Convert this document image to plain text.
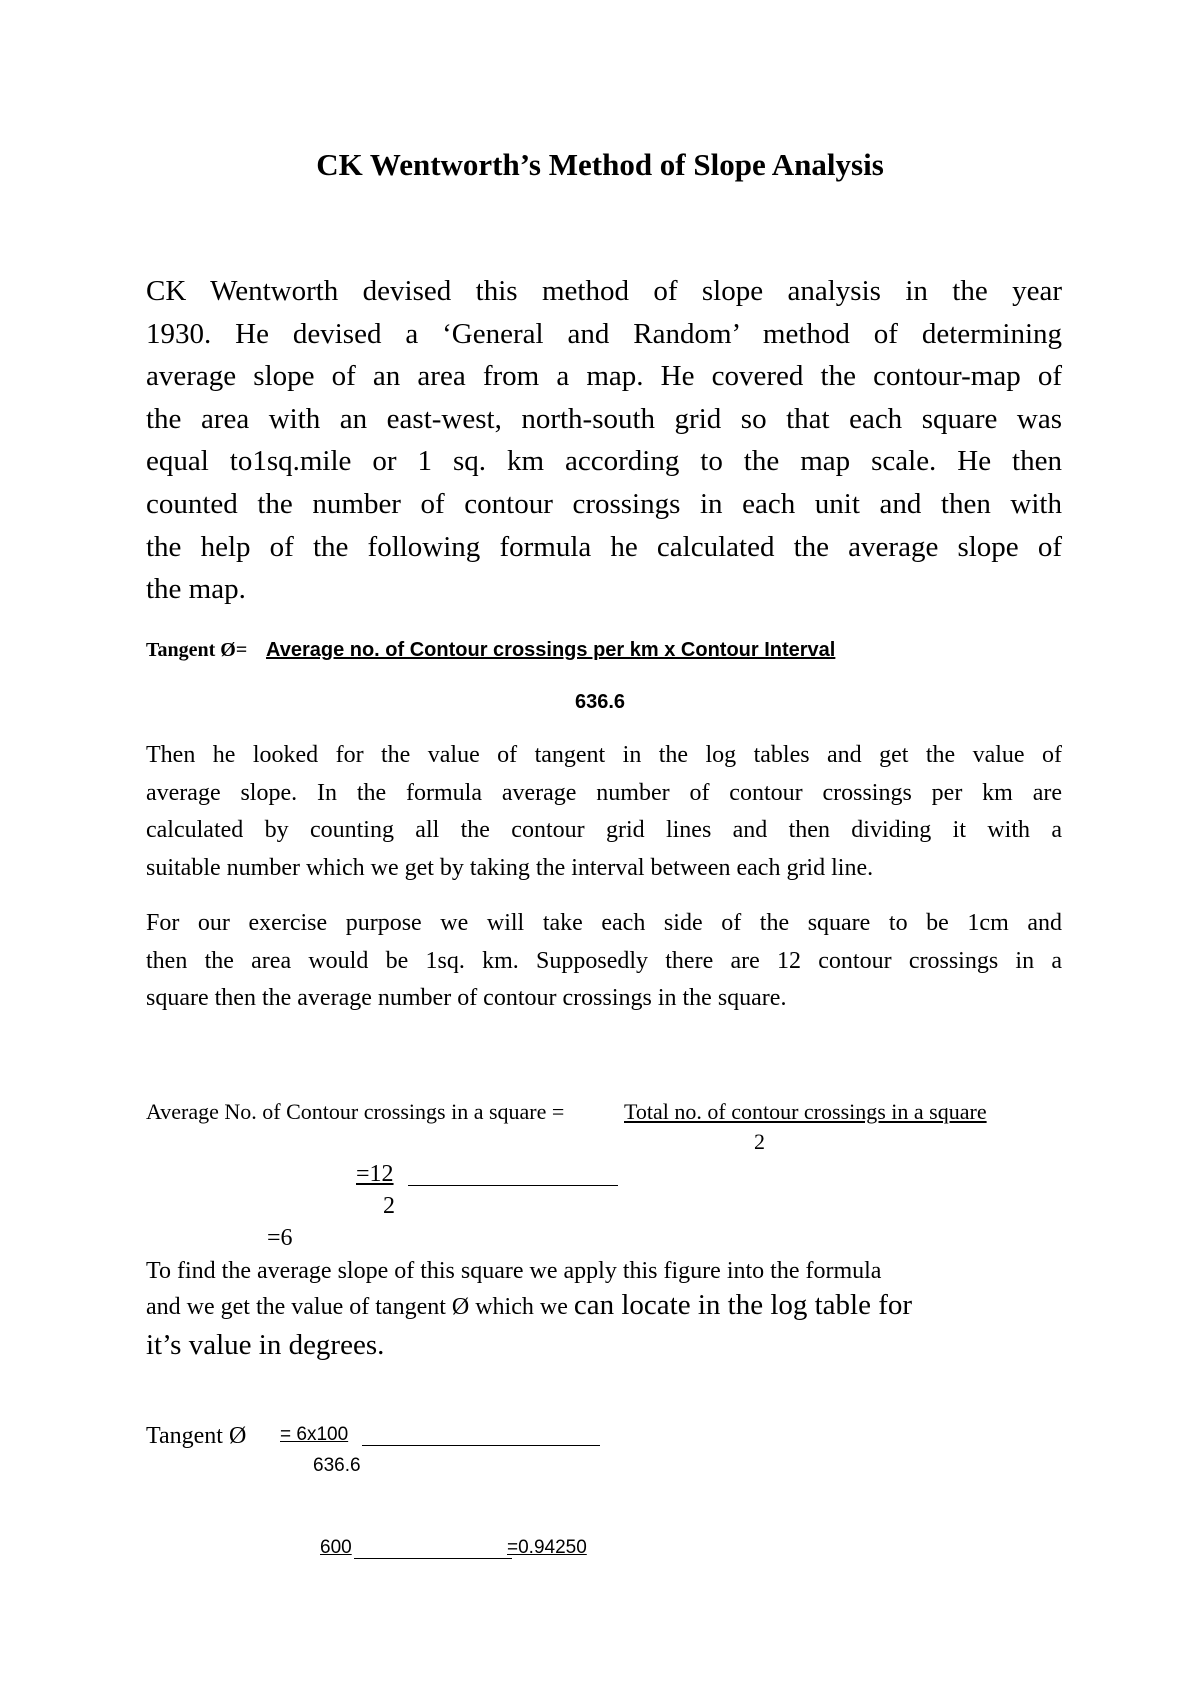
CK Wentworth’s Method of Slope Analysis

CK Wentworth devised this method of slope analysis in the year
1930. He devised a ‘General and Random’ method of determining
average slope of an area from a map. He covered the contour-map of
the area with an east-west, north-south grid so that each square was
equal to1sq.mile or 1 sq. km according to the map scale. He then
counted the number of contour crossings in each unit and then with
the help of the following formula he calculated the average slope of
the map.

Tangent Ø= Average no. of Contour crossings per km x Contour Interval
636.6

Then he looked for the value of tangent in the log tables and get the value of
average slope. In the formula average number of contour crossings per km are
calculated by counting all the contour grid lines and then dividing it with a
suitable number which we get by taking the interval between each grid line.

For our exercise purpose we will take each side of the square to be 1cm and
then the area would be 1sq. km. Supposedly there are 12 contour crossings in a
square then the average number of contour crossings in the square.

Average No. of Contour crossings in a square =	Total no. of contour crossings in a square
2
=12
2
=6
To find the average slope of this square we apply this figure into the formula
and we get the value of tangent Ø which we can locate in the log table for
it’s value in degrees.
Tangent Ø = 6x100
636.6
600	=0.94250
